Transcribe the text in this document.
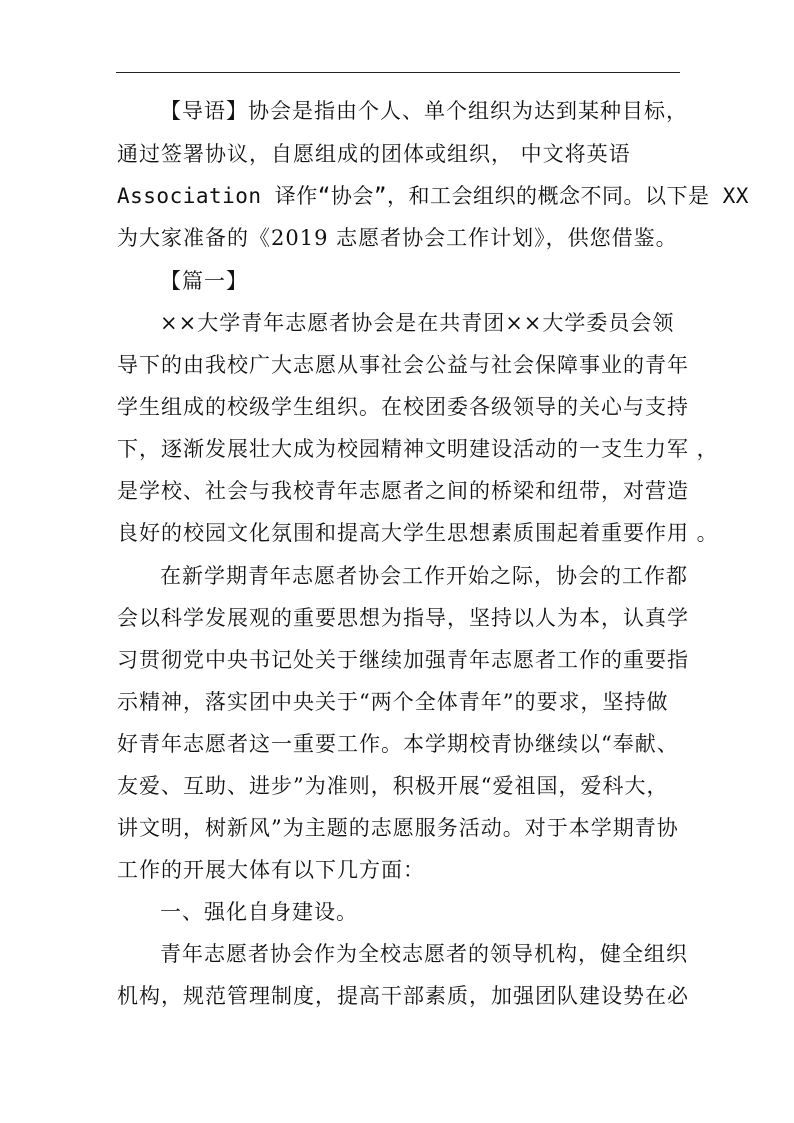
【导语】协会是指由个人、单个组织为达到某种目标，
通过签署协议，自愿组成的团体或组织， 中文将英语
Association 译作“协会”，和工会组织的概念不同。以下是 XX
为大家准备的《2019 志愿者协会工作计划》，供您借鉴。
【篇一】
××大学青年志愿者协会是在共青团××大学委员会领
导下的由我校广大志愿从事社会公益与社会保障事业的青年
学生组成的校级学生组织。在校团委各级领导的关心与支持
下，逐渐发展壮大成为校园精神文明建设活动的一支生力军 ，
是学校、社会与我校青年志愿者之间的桥梁和纽带，对营造
良好的校园文化氛围和提高大学生思想素质围起着重要作用 。
在新学期青年志愿者协会工作开始之际，协会的工作都
会以科学发展观的重要思想为指导，坚持以人为本，认真学
习贯彻党中央书记处关于继续加强青年志愿者工作的重要指
示精神，落实团中央关于“两个全体青年”的要求，坚持做
好青年志愿者这一重要工作。本学期校青协继续以“奉献、
友爱、互助、进步”为准则，积极开展“爱祖国，爱科大，
讲文明，树新风”为主题的志愿服务活动。对于本学期青协
工作的开展大体有以下几方面：
一、强化自身建设。
青年志愿者协会作为全校志愿者的领导机构，健全组织
机构，规范管理制度，提高干部素质，加强团队建设势在必
